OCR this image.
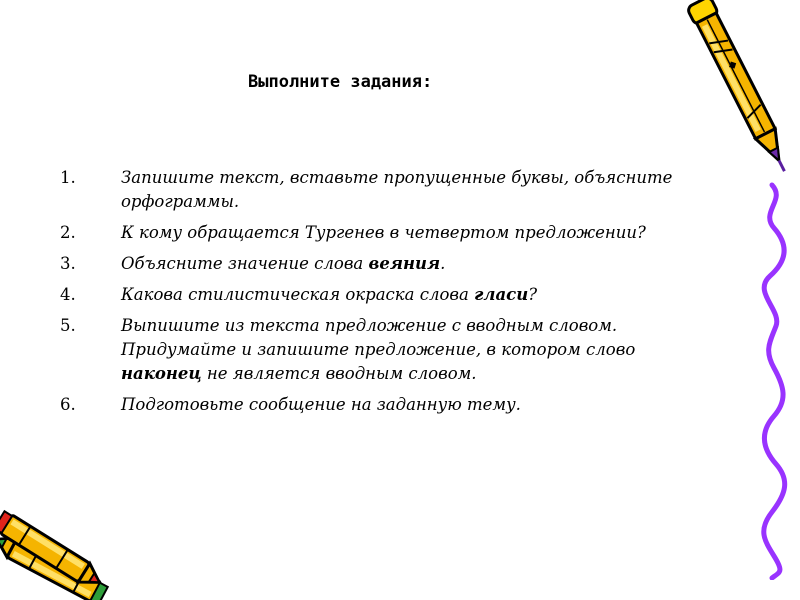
Выполните задания:
1.	Запишите текст, вставьте пропущенные буквы, объясните орфограммы.
2.	К кому обращается Тургенев в четвертом предложении?
3.	Объясните значение слова веяния.
4.	Какова стилистическая окраска слова гласи?
5.	Выпишите из текста предложение с вводным словом. Придумайте и запишите предложение, в котором слово наконец не является вводным словом.
6.	Подготовьте сообщение на заданную тему.
